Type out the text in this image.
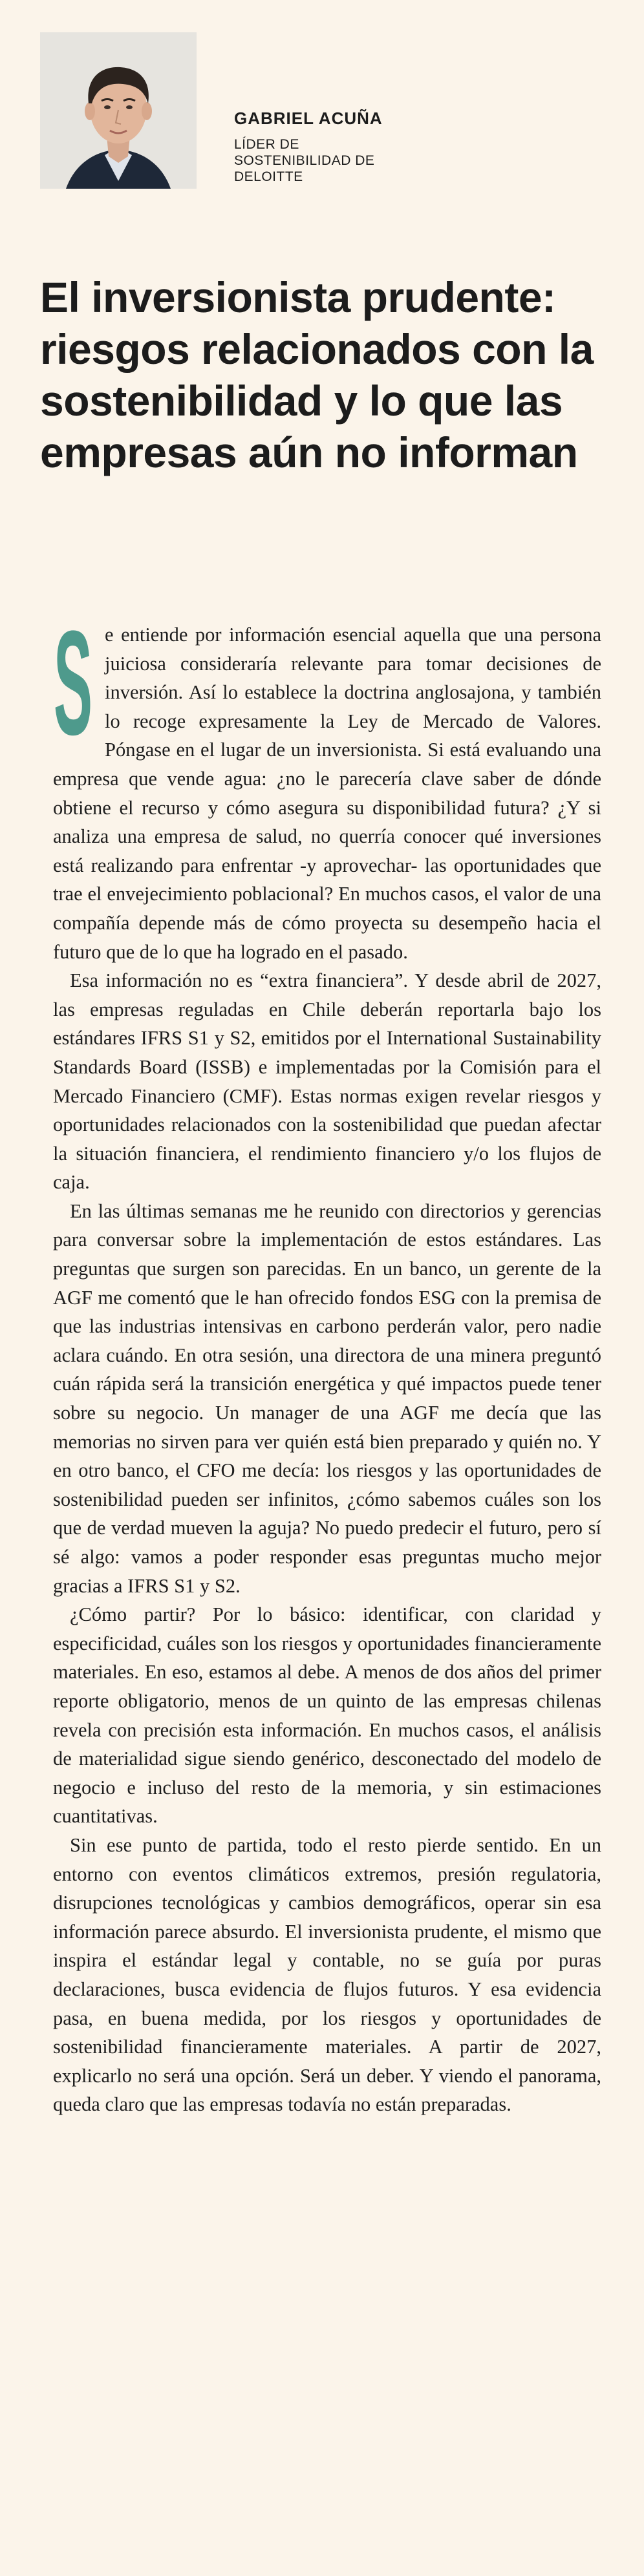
GABRIEL ACUÑA
LÍDER DE
SOSTENIBILIDAD DE
DELOITTE
El inversionista prudente: riesgos relacionados con la sostenibilidad y lo que las empresas aún no informan

S e entiende por información esencial aquella que una persona juiciosa consideraría relevante para tomar decisiones de inversión. Así lo establece la doctrina anglosajona, y también lo recoge expresamente la Ley de Mercado de Valores. Póngase en el lugar de un inversionista. Si está evaluando una empresa que vende agua: ¿no le parecería clave saber de dónde obtiene el recurso y cómo asegura su disponibilidad futura? ¿Y si analiza una empresa de salud, no querría conocer qué inversiones está realizando para enfrentar -y aprovechar- las oportunidades que trae el envejecimiento poblacional? En muchos casos, el valor de una compañía depende más de cómo proyecta su desempeño hacia el futuro que de lo que ha logrado en el pasado.

Esa información no es “extra financiera”. Y desde abril de 2027, las empresas reguladas en Chile deberán reportarla bajo los estándares IFRS S1 y S2, emitidos por el International Sustainability Standards Board (ISSB) e implementadas por la Comisión para el Mercado Financiero (CMF). Estas normas exigen revelar riesgos y oportunidades relacionados con la sostenibilidad que puedan afectar la situación financiera, el rendimiento financiero y/o los flujos de caja.

En las últimas semanas me he reunido con directorios y gerencias para conversar sobre la implementación de estos estándares. Las preguntas que surgen son parecidas. En un banco, un gerente de la AGF me comentó que le han ofrecido fondos ESG con la premisa de que las industrias intensivas en carbono perderán valor, pero nadie aclara cuándo. En otra sesión, una directora de una minera preguntó cuán rápida será la transición energética y qué impactos puede tener sobre su negocio. Un manager de una AGF me decía que las memorias no sirven para ver quién está bien preparado y quién no. Y en otro banco, el CFO me decía: los riesgos y las oportunidades de sostenibilidad pueden ser infinitos, ¿cómo sabemos cuáles son los que de verdad mueven la aguja? No puedo predecir el futuro, pero sí sé algo: vamos a poder responder esas preguntas mucho mejor gracias a IFRS S1 y S2.

¿Cómo partir? Por lo básico: identificar, con claridad y especificidad, cuáles son los riesgos y oportunidades financieramente materiales. En eso, estamos al debe. A menos de dos años del primer reporte obligatorio, menos de un quinto de las empresas chilenas revela con precisión esta información. En muchos casos, el análisis de materialidad sigue siendo genérico, desconectado del modelo de negocio e incluso del resto de la memoria, y sin estimaciones cuantitativas.

Sin ese punto de partida, todo el resto pierde sentido. En un entorno con eventos climáticos extremos, presión regulatoria, disrupciones tecnológicas y cambios demográficos, operar sin esa información parece absurdo. El inversionista prudente, el mismo que inspira el estándar legal y contable, no se guía por puras declaraciones, busca evidencia de flujos futuros. Y esa evidencia pasa, en buena medida, por los riesgos y oportunidades de sostenibilidad financieramente materiales. A partir de 2027, explicarlo no será una opción. Será un deber. Y viendo el panorama, queda claro que las empresas todavía no están preparadas.
